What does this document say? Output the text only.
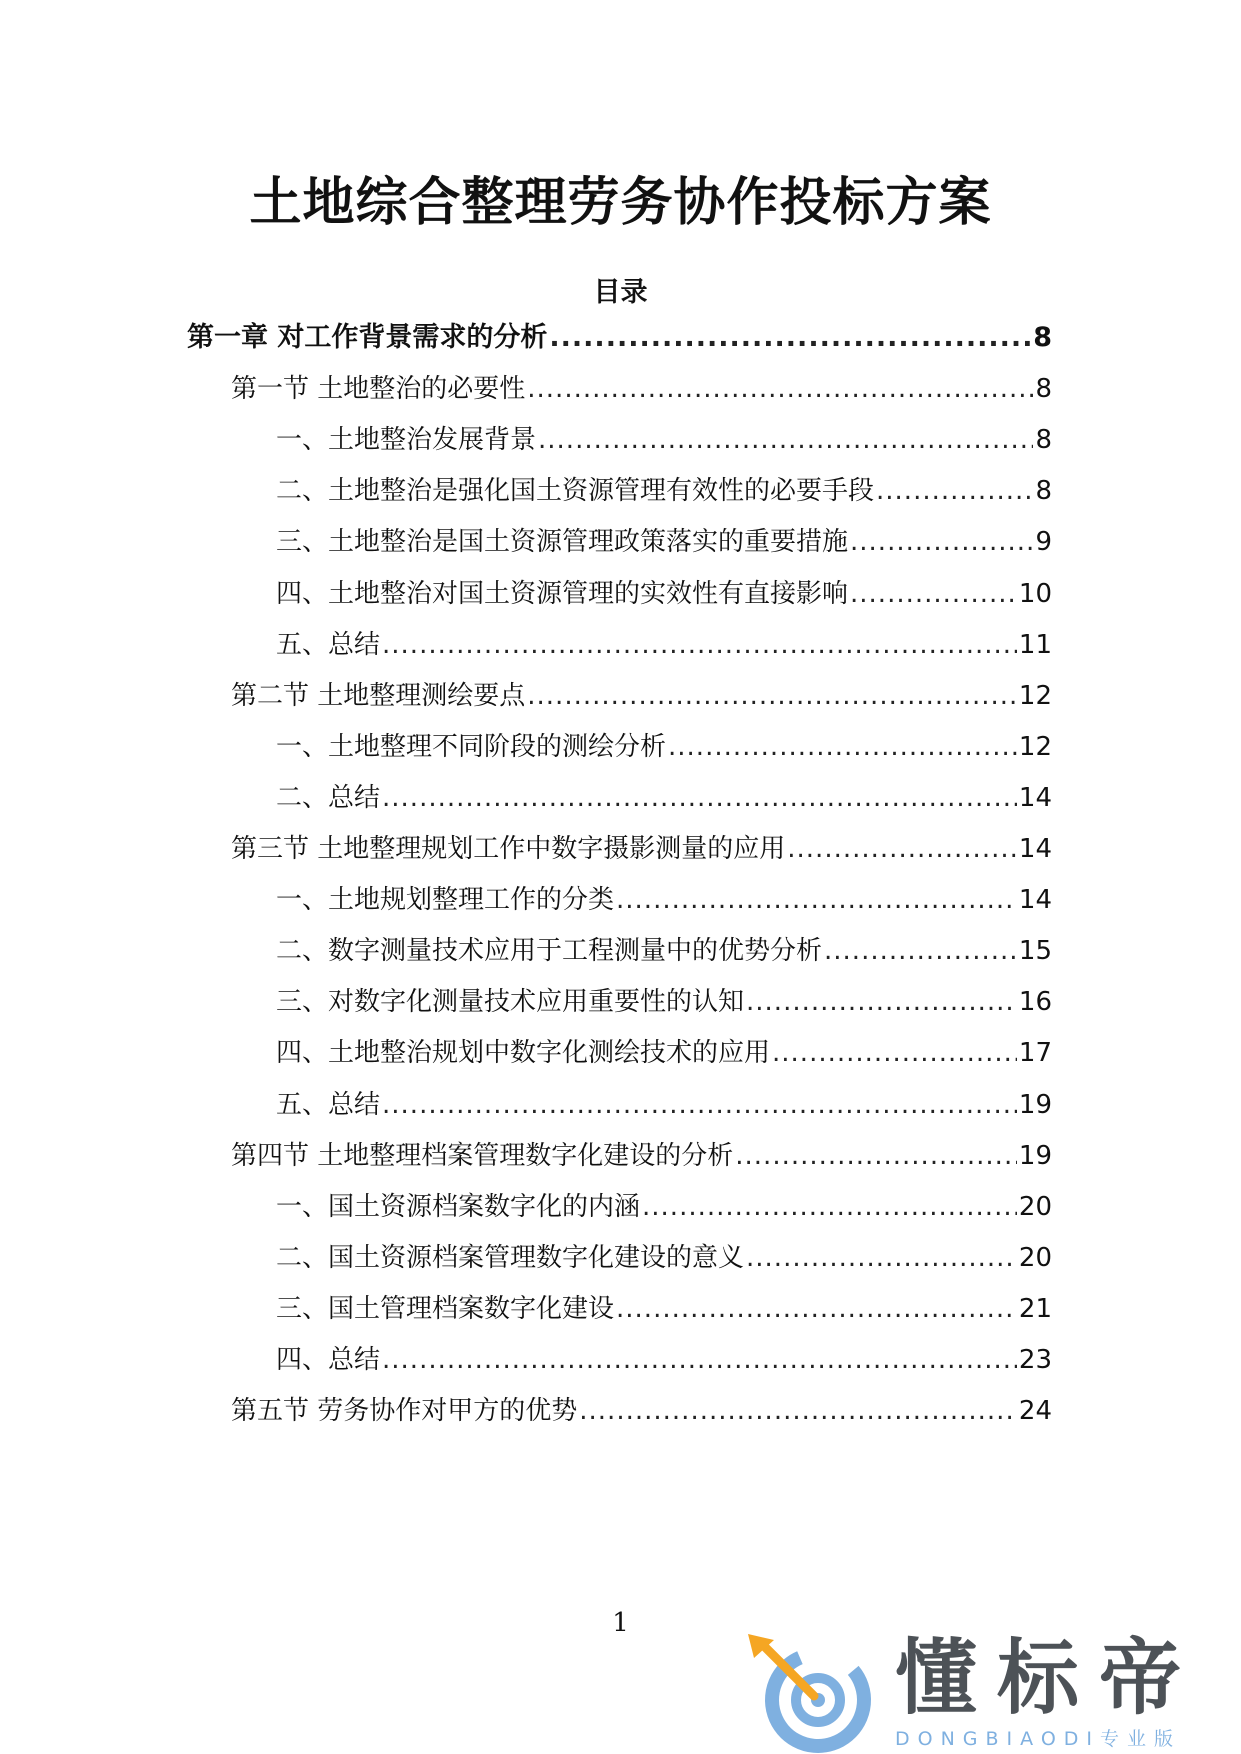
土地综合整理劳务协作投标方案
目录
第一章 对工作背景需求的分析 .....	8
第一节 土地整治的必要性 .....	8
一、土地整治发展背景 .....	8
二、土地整治是强化国土资源管理有效性的必要手段 .....	8
三、土地整治是国土资源管理政策落实的重要措施 .....	9
四、土地整治对国土资源管理的实效性有直接影响 .....	10
五、总结 .....	11
第二节 土地整理测绘要点 .....	12
一、土地整理不同阶段的测绘分析 .....	12
二、总结 .....	14
第三节 土地整理规划工作中数字摄影测量的应用 .....	14
一、土地规划整理工作的分类 .....	14
二、数字测量技术应用于工程测量中的优势分析 .....	15
三、对数字化测量技术应用重要性的认知 .....	16
四、土地整治规划中数字化测绘技术的应用 .....	17
五、总结 .....	19
第四节 土地整理档案管理数字化建设的分析 .....	19
一、国土资源档案数字化的内涵 .....	20
二、国土资源档案管理数字化建设的意义 .....	20
三、国土管理档案数字化建设 .....	21
四、总结 .....	23
第五节 劳务协作对甲方的优势 .....	24
1
懂标帝
DONGBIAODI专业版
